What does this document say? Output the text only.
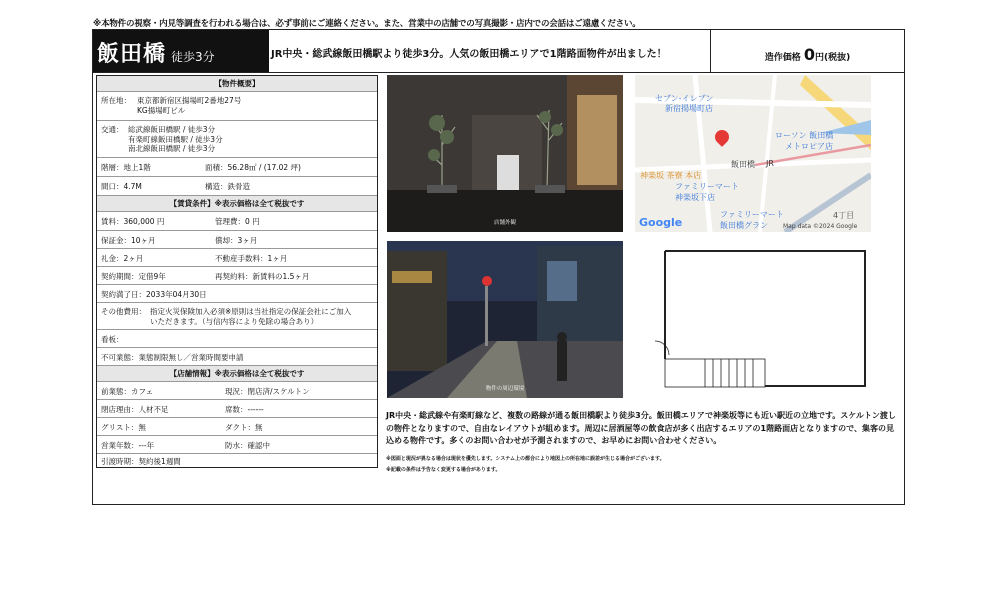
※本物件の視察・内見等調査を行われる場合は、必ず事前にご連絡ください。また、営業中の店舗での写真撮影・店内での会話はご遠慮ください。
飯田橋 徒歩3分	JR中央・総武線飯田橋駅より徒歩3分。人気の飯田橋エリアで1階路面物件が出ました！	造作価格 0円(税抜)
【物件概要】
所在地： 東京都新宿区揚場町2番地27号
KG揚場町ビル
交通： 総武線飯田橋駅 / 徒歩3分
有楽町線飯田橋駅 / 徒歩3分
南北線飯田橋駅 / 徒歩3分
階層：地上1階	面積：56.28㎡ / (17.02 坪)
間口：4.7M	構造：鉄骨造
【賃貸条件】※表示価格は全て税抜です
賃料：360,000 円	管理費：0 円
保証金：10ヶ月	償却：3ヶ月
礼金：2ヶ月	不動産手数料：1ヶ月
契約期間：定借9年	再契約料：新賃料の1.5ヶ月
契約満了日：2033年04月30日
その他費用： 指定火災保険加入必須※原則は当社指定の保証会社にご加入
いただきます。（与信内容により免除の場合あり）
看板：
不可業態：業態制限無し／営業時間要申請
【店舗情報】※表示価格は全て税抜です
前業態：カフェ	現況：閉店済/スケルトン
閉店理由：人材不足	席数：------
グリスト：無	ダクト：無
営業年数：---年	防水：確認中
引渡時期：契約後1週間
店舗外観
セブン-イレブン
新宿揚場町店
ローソン 飯田橋
メトロピア店
飯田橋 JR
神楽坂 茶寮 本店
ファミリーマート
神楽坂下店
ファミリーマート
飯田橋グラン
4丁目
Google	Map data ©2024 Google
物件の周辺環境
JR中央・総武線や有楽町線など、複数の路線が通る飯田橋駅より徒歩3分。飯田橋エリアで神楽坂等にも近い駅近の立地です。スケルトン渡しの物件となりますので、自由なレイアウトが組めます。周辺に居酒屋等の飲食店が多く出店するエリアの1階路面店となりますので、集客の見込める物件です。多くのお問い合わせが予測されますので、お早めにお問い合わせください。
※図面と現況が異なる場合は現状を優先します。システム上の都合により地図上の所在地に誤差が生じる場合がございます。
※記載の条件は予告なく変更する場合があります。
